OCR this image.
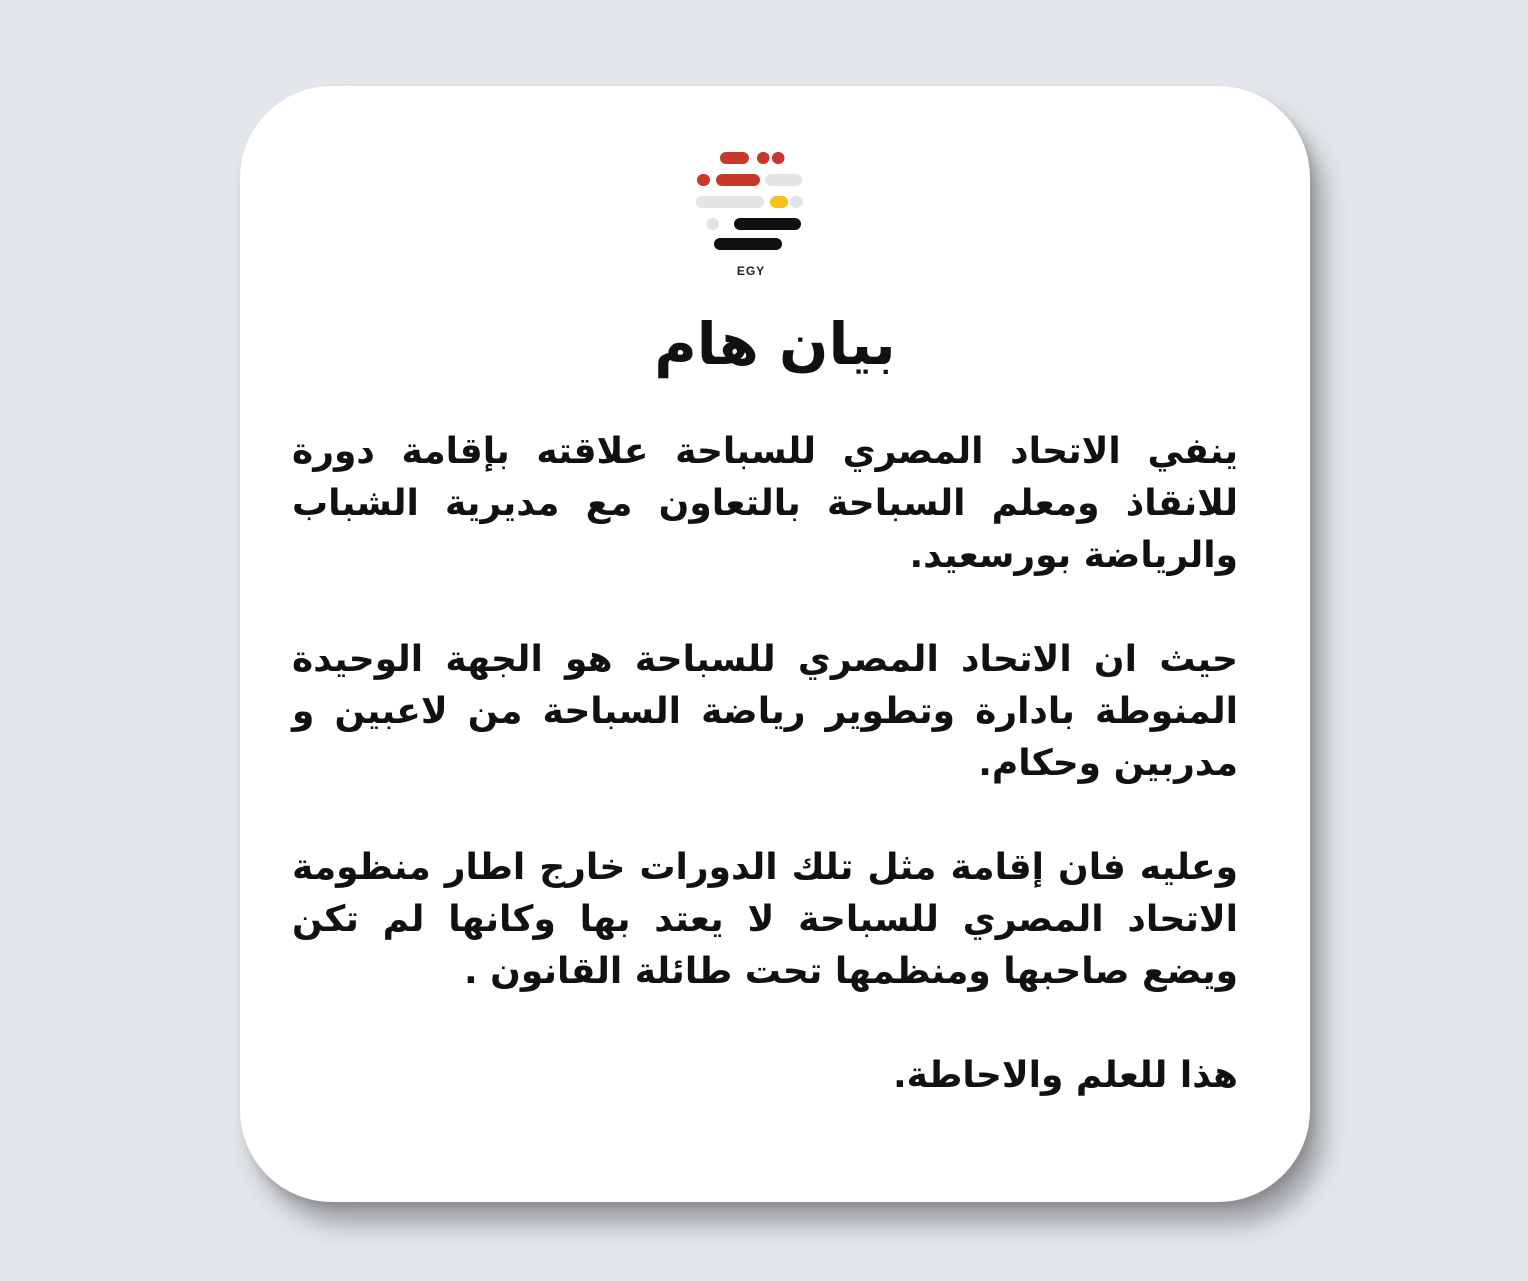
EGY
بيان هام

ينفي الاتحاد المصري للسباحة علاقته بإقامة دورة للانقاذ ومعلم السباحة بالتعاون مع مديرية الشباب والرياضة بورسعيد.

حيث ان الاتحاد المصري للسباحة هو الجهة الوحيدة المنوطة بادارة وتطوير رياضة السباحة من لاعبين و مدربين وحكام.

وعليه فان إقامة مثل تلك الدورات خارج اطار منظومة الاتحاد المصري للسباحة لا يعتد بها وكانها لم تكن ويضع صاحبها ومنظمها تحت طائلة القانون .

هذا للعلم والاحاطة.
